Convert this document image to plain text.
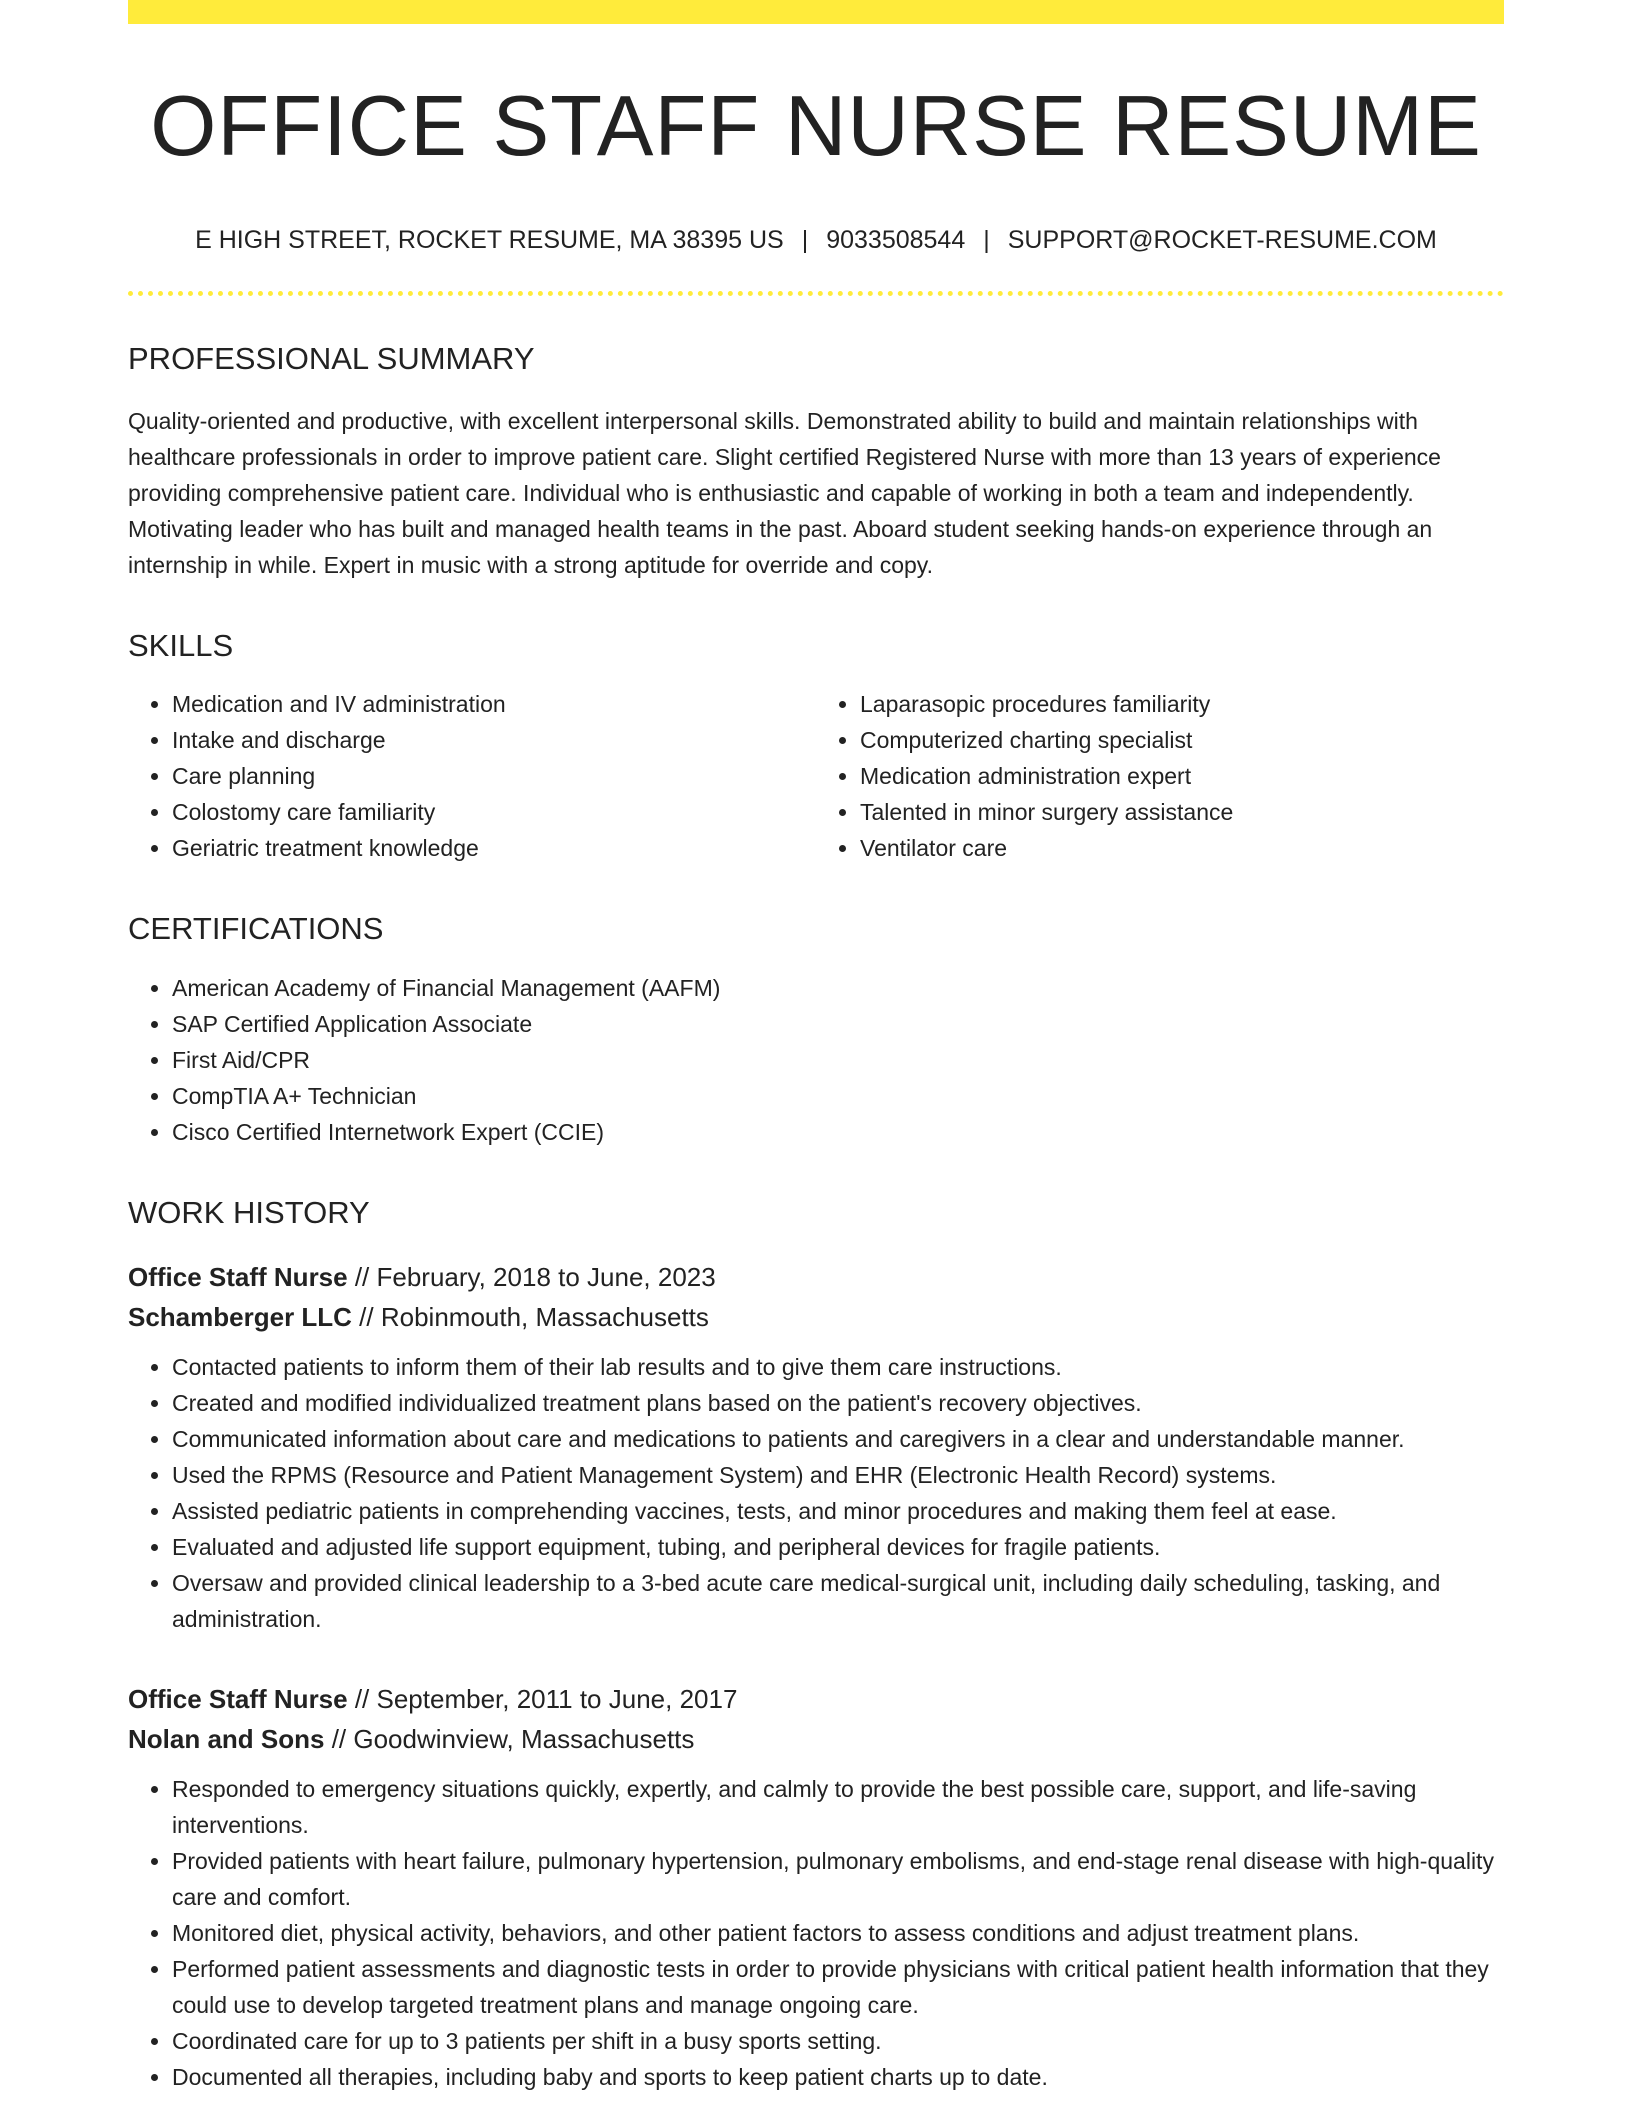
OFFICE STAFF NURSE RESUME
E HIGH STREET, ROCKET RESUME, MA 38395 US | 9033508544 | SUPPORT@ROCKET-RESUME.COM
PROFESSIONAL SUMMARY
Quality-oriented and productive, with excellent interpersonal skills. Demonstrated ability to build and maintain relationships with healthcare professionals in order to improve patient care. Slight certified Registered Nurse with more than 13 years of experience providing comprehensive patient care. Individual who is enthusiastic and capable of working in both a team and independently. Motivating leader who has built and managed health teams in the past. Aboard student seeking hands-on experience through an internship in while. Expert in music with a strong aptitude for override and copy.
SKILLS
• Medication and IV administration
• Intake and discharge
• Care planning
• Colostomy care familiarity
• Geriatric treatment knowledge
• Laparasopic procedures familiarity
• Computerized charting specialist
• Medication administration expert
• Talented in minor surgery assistance
• Ventilator care
CERTIFICATIONS
• American Academy of Financial Management (AAFM)
• SAP Certified Application Associate
• First Aid/CPR
• CompTIA A+ Technician
• Cisco Certified Internetwork Expert (CCIE)
WORK HISTORY
Office Staff Nurse // February, 2018 to June, 2023
Schamberger LLC // Robinmouth, Massachusetts
• Contacted patients to inform them of their lab results and to give them care instructions.
• Created and modified individualized treatment plans based on the patient's recovery objectives.
• Communicated information about care and medications to patients and caregivers in a clear and understandable manner.
• Used the RPMS (Resource and Patient Management System) and EHR (Electronic Health Record) systems.
• Assisted pediatric patients in comprehending vaccines, tests, and minor procedures and making them feel at ease.
• Evaluated and adjusted life support equipment, tubing, and peripheral devices for fragile patients.
• Oversaw and provided clinical leadership to a 3-bed acute care medical-surgical unit, including daily scheduling, tasking, and administration.
Office Staff Nurse // September, 2011 to June, 2017
Nolan and Sons // Goodwinview, Massachusetts
• Responded to emergency situations quickly, expertly, and calmly to provide the best possible care, support, and life-saving interventions.
• Provided patients with heart failure, pulmonary hypertension, pulmonary embolisms, and end-stage renal disease with high-quality care and comfort.
• Monitored diet, physical activity, behaviors, and other patient factors to assess conditions and adjust treatment plans.
• Performed patient assessments and diagnostic tests in order to provide physicians with critical patient health information that they could use to develop targeted treatment plans and manage ongoing care.
• Coordinated care for up to 3 patients per shift in a busy sports setting.
• Documented all therapies, including baby and sports to keep patient charts up to date.
